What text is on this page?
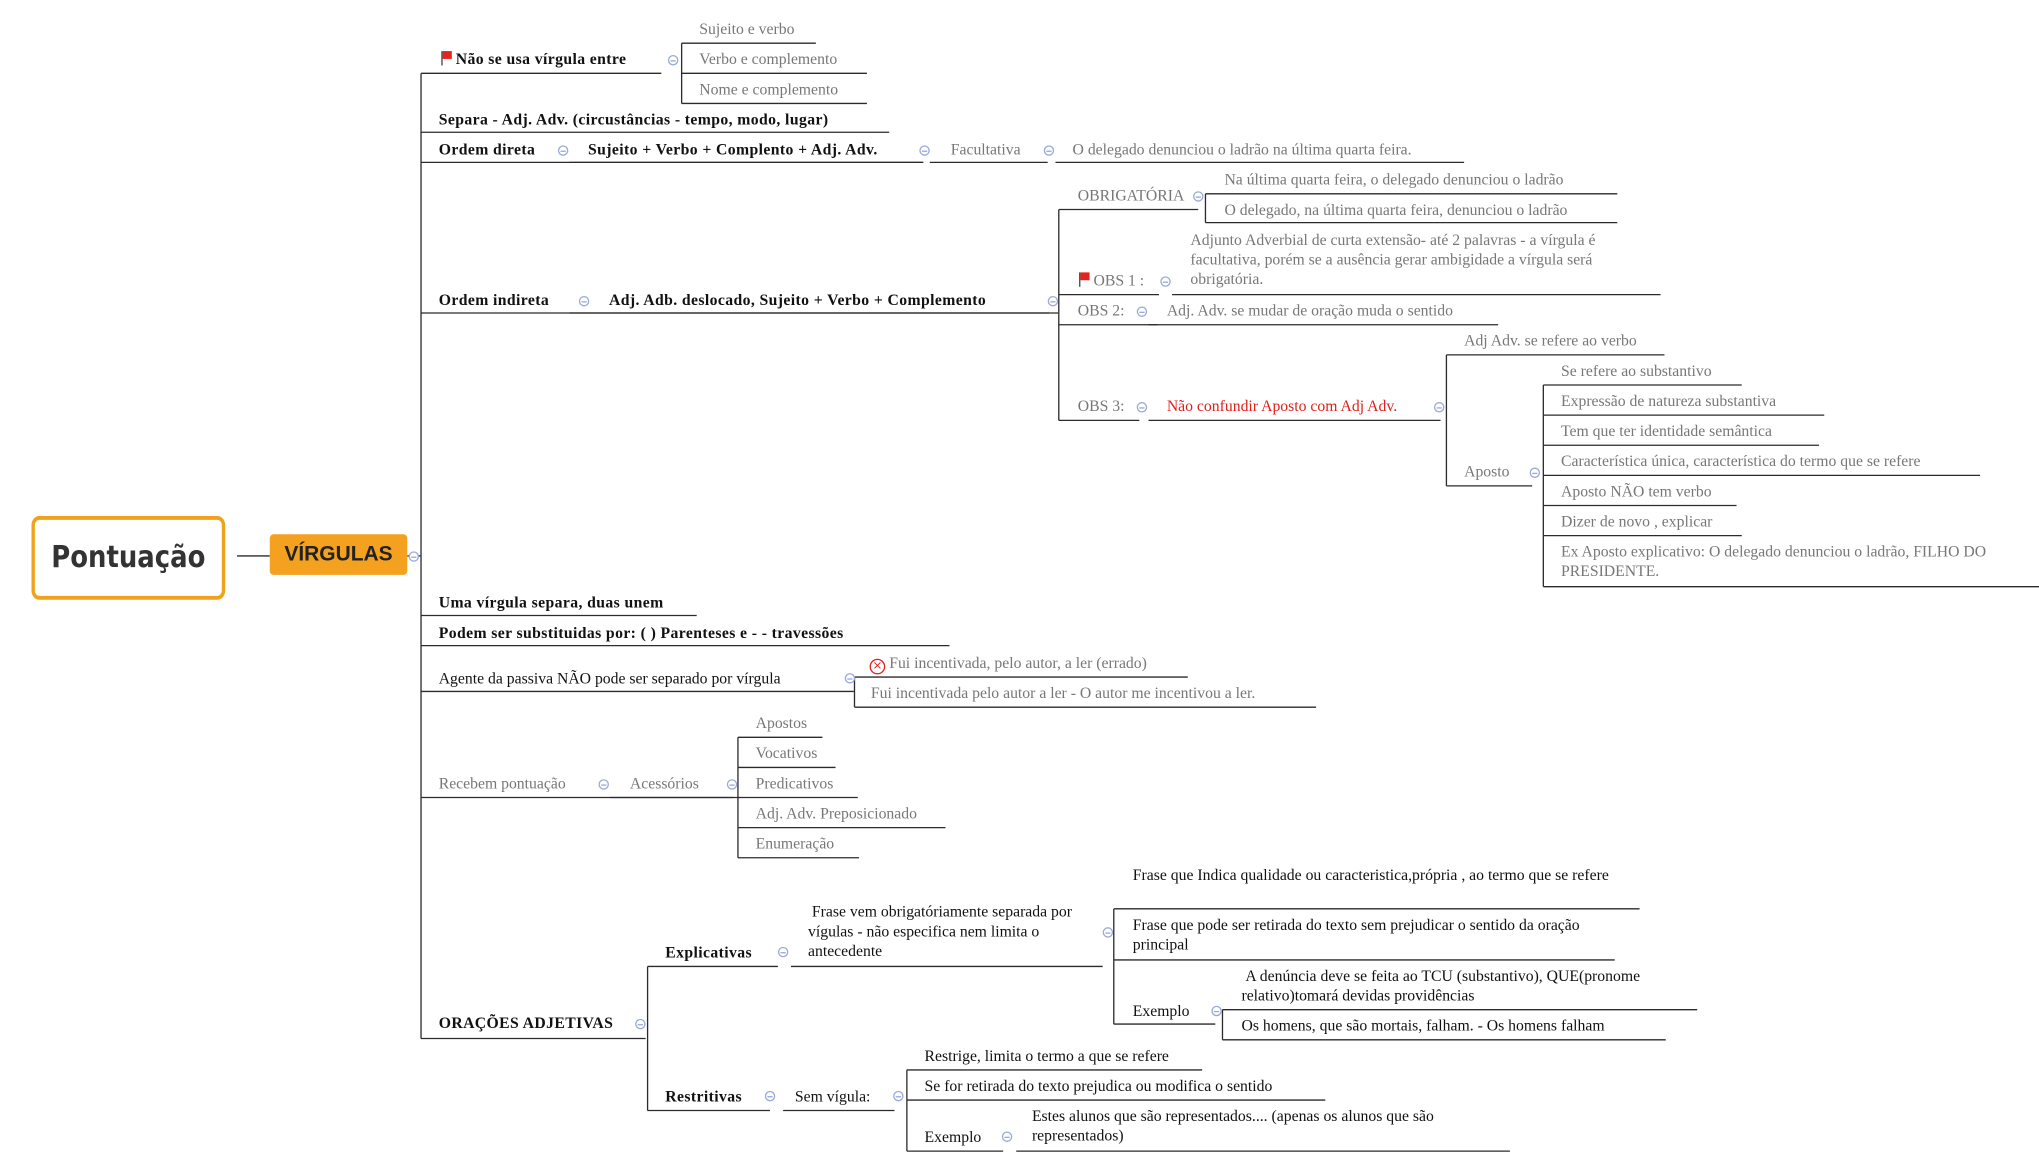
Pontuação	VÍRGULAS
Não se usa vírgula entre
Sujeito e verbo
Verbo e complemento
Nome e complemento
Separa - Adj. Adv. (circustâncias - tempo, modo, lugar)
Ordem direta	Sujeito + Verbo + Complento + Adj. Adv.	Facultativa	O delegado denunciou o ladrão na última quarta feira.
Ordem indireta	Adj. Adb. deslocado, Sujeito + Verbo + Complemento
OBRIGATÓRIA
Na última quarta feira, o delegado denunciou o ladrão
O delegado, na última quarta feira, denunciou o ladrão
OBS 1 :
Adjunto Adverbial de curta extensão- até 2 palavras - a vírgula é facultativa, porém se a ausência gerar ambigidade a vírgula será obrigatória.
OBS 2:	Adj. Adv. se mudar de oração muda o sentido
OBS 3:	Não confundir Aposto com Adj Adv.
Adj Adv. se refere ao verbo
Aposto
Se refere ao substantivo
Expressão de natureza substantiva
Tem que ter identidade semântica
Característica única, característica do termo que se refere
Aposto NÃO tem verbo
Dizer de novo , explicar
Ex Aposto explicativo: O delegado denunciou o ladrão, FILHO DO PRESIDENTE.
Uma vírgula separa, duas unem
Podem ser substituidas por: ( ) Parenteses e - - travessões
Agente da passiva NÃO pode ser separado por vírgula
× Fui incentivada, pelo autor, a ler (errado)
Fui incentivada pelo autor a ler - O autor me incentivou a ler.
Recebem pontuação	Acessórios
Apostos
Vocativos
Predicativos
Adj. Adv. Preposicionado
Enumeração
ORAÇÕES ADJETIVAS
Explicativas
Frase vem obrigatóriamente separada por vígulas - não especifica nem limita o antecedente
Frase que Indica qualidade ou caracteristica,própria , ao termo que se refere
Frase que pode ser retirada do texto sem prejudicar o sentido da oração principal
Exemplo
A denúncia deve se feita ao TCU (substantivo), QUE(pronome relativo)tomará devidas providências
Os homens, que são mortais, falham. - Os homens falham
Restritivas	Sem vígula:
Restrige, limita o termo a que se refere
Se for retirada do texto prejudica ou modifica o sentido
Exemplo
Estes alunos que são representados.... (apenas os alunos que são representados)
